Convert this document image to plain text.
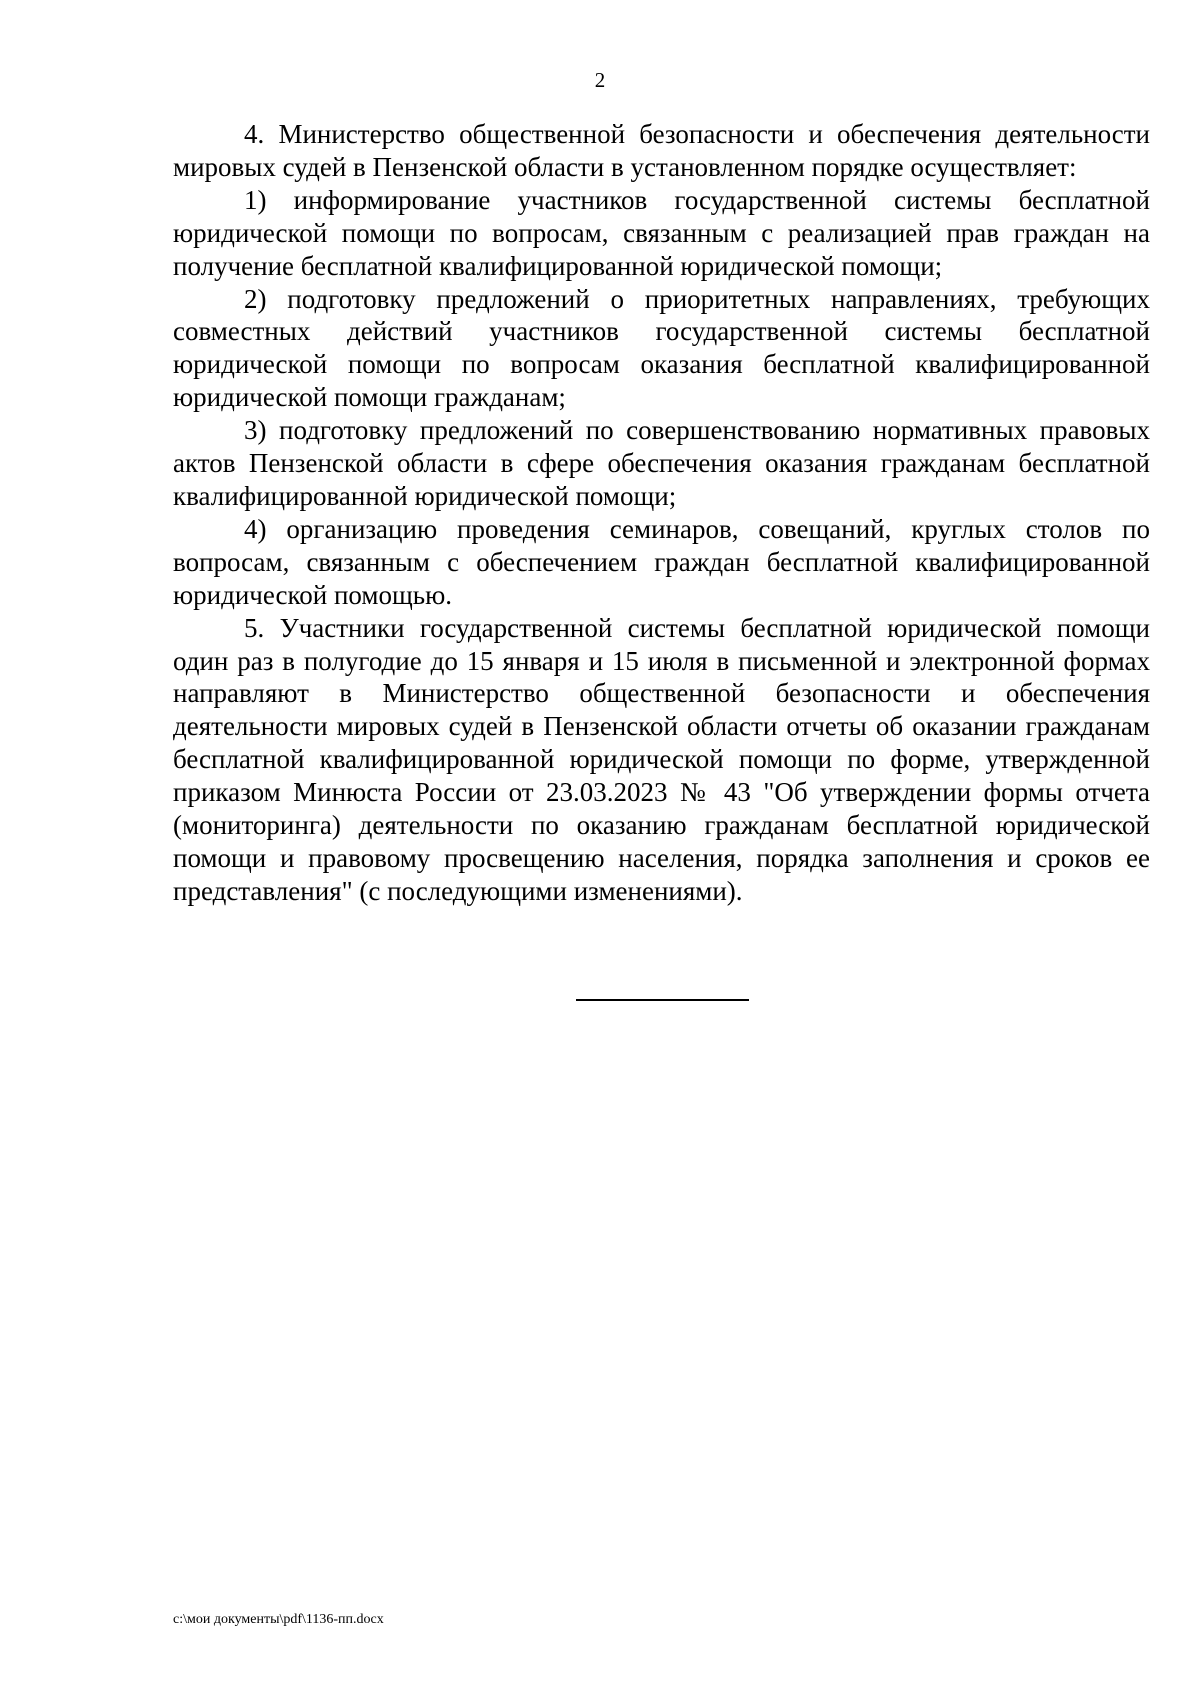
2

4. Министерство общественной безопасности и обеспечения деятельности мировых судей в Пензенской области в установленном порядке осуществляет:

1) информирование участников государственной системы бесплатной юридической помощи по вопросам, связанным с реализацией прав граждан на получение бесплатной квалифицированной юридической помощи;

2) подготовку предложений о приоритетных направлениях, требующих совместных действий участников государственной системы бесплатной юридической помощи по вопросам оказания бесплатной квалифицированной юридической помощи гражданам;

3) подготовку предложений по совершенствованию нормативных правовых актов Пензенской области в сфере обеспечения оказания гражданам бесплатной квалифицированной юридической помощи;

4) организацию проведения семинаров, совещаний, круглых столов по вопросам, связанным с обеспечением граждан бесплатной квалифицированной юридической помощью.

5. Участники государственной системы бесплатной юридической помощи один раз в полугодие до 15 января и 15 июля в письменной и электронной формах направляют в Министерство общественной безопасности и обеспечения деятельности мировых судей в Пензенской области отчеты об оказании гражданам бесплатной квалифицированной юридической помощи по форме, утвержденной приказом Минюста России от 23.03.2023 № 43 "Об утверждении формы отчета (мониторинга) деятельности по оказанию гражданам бесплатной юридической помощи и правовому просвещению населения, порядка заполнения и сроков ее представления" (с последующими изменениями).

c:\мои документы\pdf\1136-пп.docx
